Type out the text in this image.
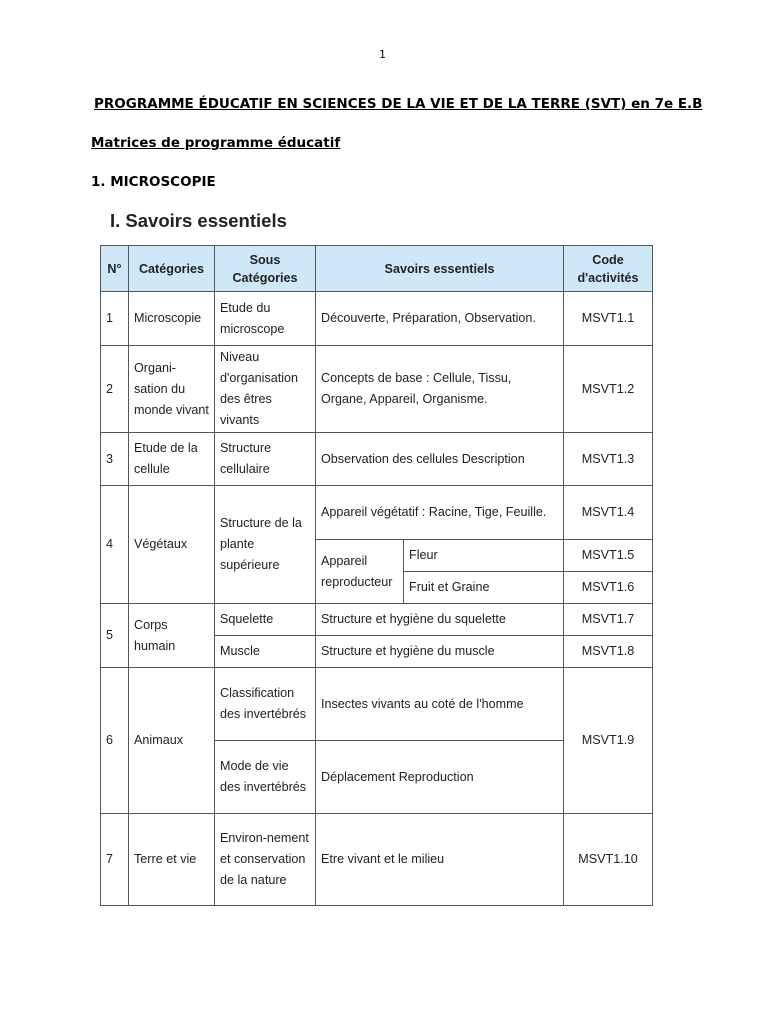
1
PROGRAMME ÉDUCATIF EN SCIENCES DE LA VIE ET DE LA TERRE (SVT) en 7e E.B
Matrices de programme éducatif
1. MICROSCOPIE
I. Savoirs essentiels
N°	Catégories	Sous Catégories	Savoirs essentiels		Code d'activités
1	Microscopie	Etude du microscope	Découverte, Préparation, Observation.		MSVT1.1
2	Organi-sation du monde vivant	Niveau d'organisation des êtres vivants	Concepts de base : Cellule, Tissu, Organe, Appareil, Organisme.		MSVT1.2
3	Etude de la cellule	Structure cellulaire	Observation des cellules Description		MSVT1.3
4	Végétaux	Structure de la plante supérieure	Appareil végétatif : Racine, Tige, Feuille.		MSVT1.4
			Appareil reproducteur	Fleur	MSVT1.5
				Fruit et Graine	MSVT1.6
5	Corps humain	Squelette	Structure et hygiène du squelette		MSVT1.7
		Muscle	Structure et hygiène du muscle		MSVT1.8
6	Animaux	Classification des invertébrés	Insectes vivants au coté de l'homme		MSVT1.9
		Mode de vie des invertébrés	Déplacement Reproduction		
7	Terre et vie	Environ-nement et conservation de la nature	Etre vivant et le milieu		MSVT1.10
